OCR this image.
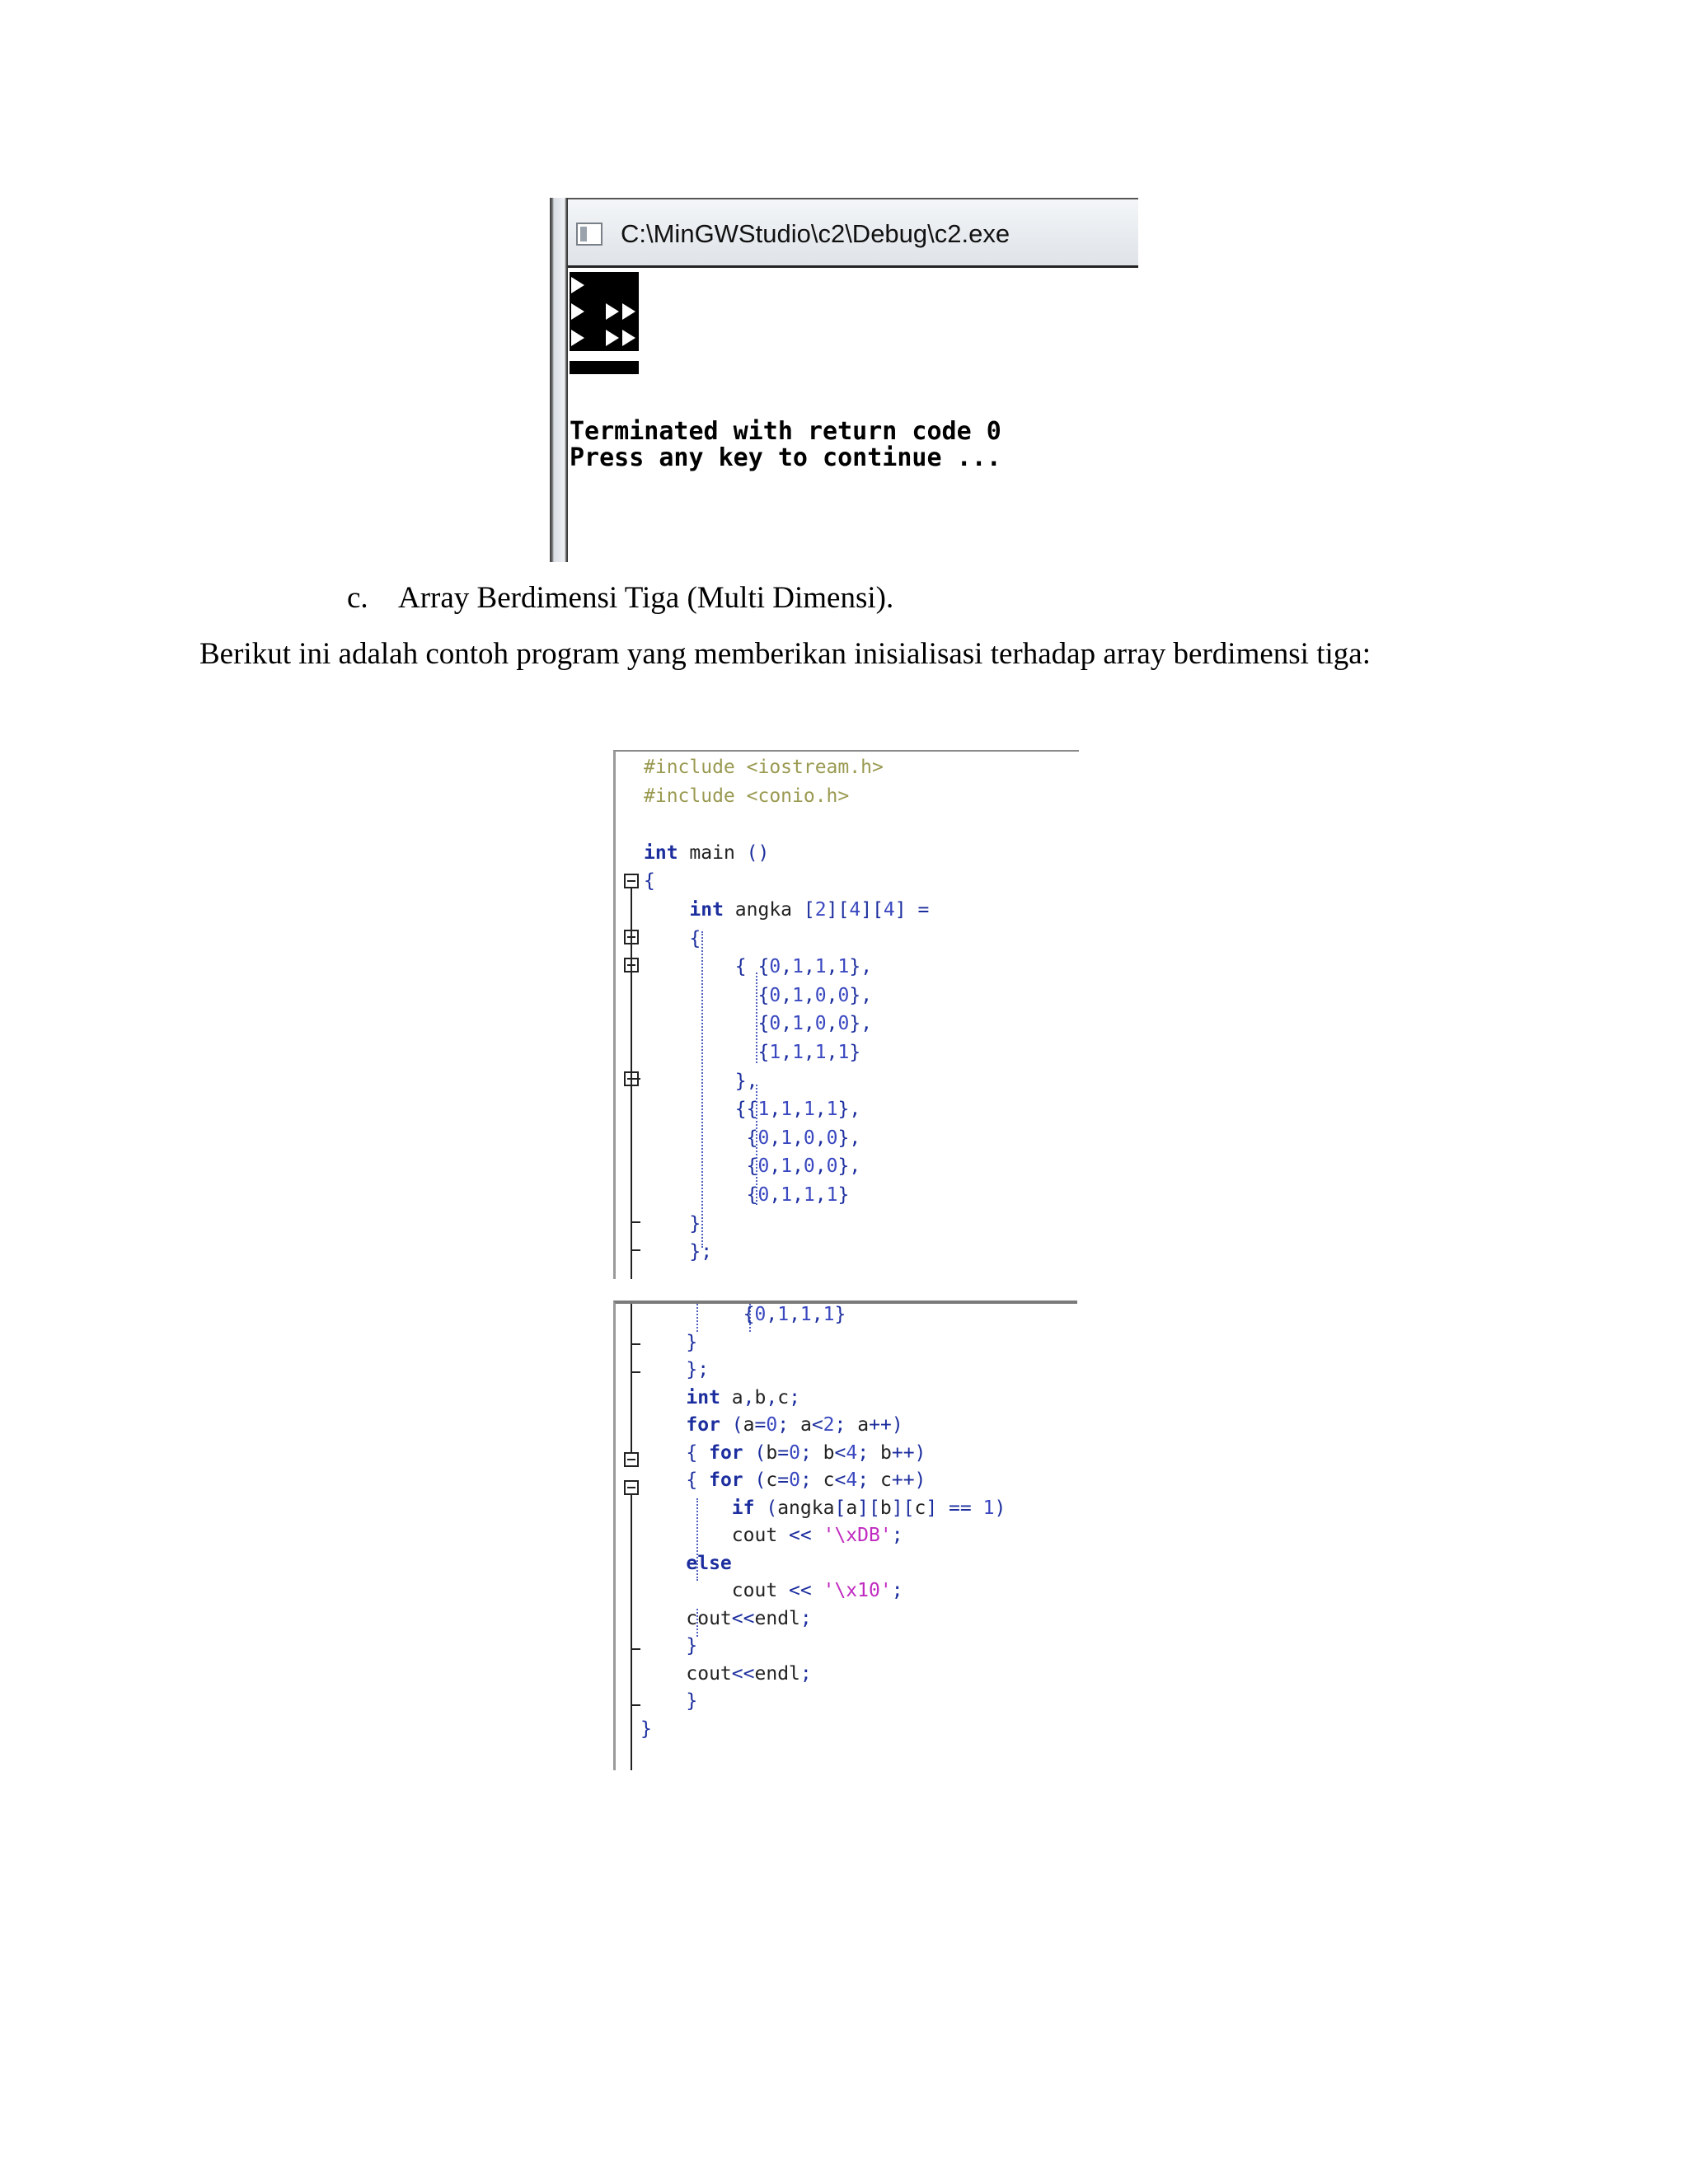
C:\MinGWStudio\c2\Debug\c2.exe
Terminated with return code 0
Press any key to continue ...
c. Array Berdimensi Tiga (Multi Dimensi).
Berikut ini adalah contoh program yang memberikan inisialisasi terhadap array berdimensi tiga:

#include <iostream.h>
#include <conio.h>
int main ()
{
int angka [2][4][4] =
{
{ {0,1,1,1},
{0,1,0,0},
{0,1,0,0},
{1,1,1,1}
},
{{1,1,1,1},
{0,1,0,0},
{0,1,0,0},
{0,1,1,1}
}
};

{0,1,1,1}
}
};
int a,b,c;
for (a=0; a<2; a++)
{ for (b=0; b<4; b++)
{ for (c=0; c<4; c++)
if (angka[a][b][c] == 1)
cout << '\xDB';
else
cout << '\x10';
cout<<endl;
}
cout<<endl;
}
}
